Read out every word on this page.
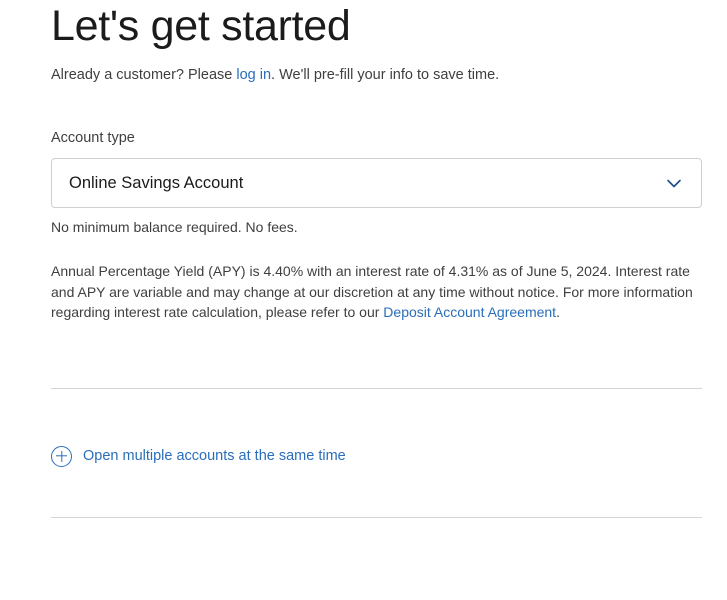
Let's get started

Already a customer? Please log in. We'll pre-fill your info to save time.

Account type
Online Savings Account
No minimum balance required. No fees.

Annual Percentage Yield (APY) is 4.40% with an interest rate of 4.31% as of June 5, 2024. Interest rate and APY are variable and may change at our discretion at any time without notice. For more information regarding interest rate calculation, please refer to our Deposit Account Agreement.

Open multiple accounts at the same time
